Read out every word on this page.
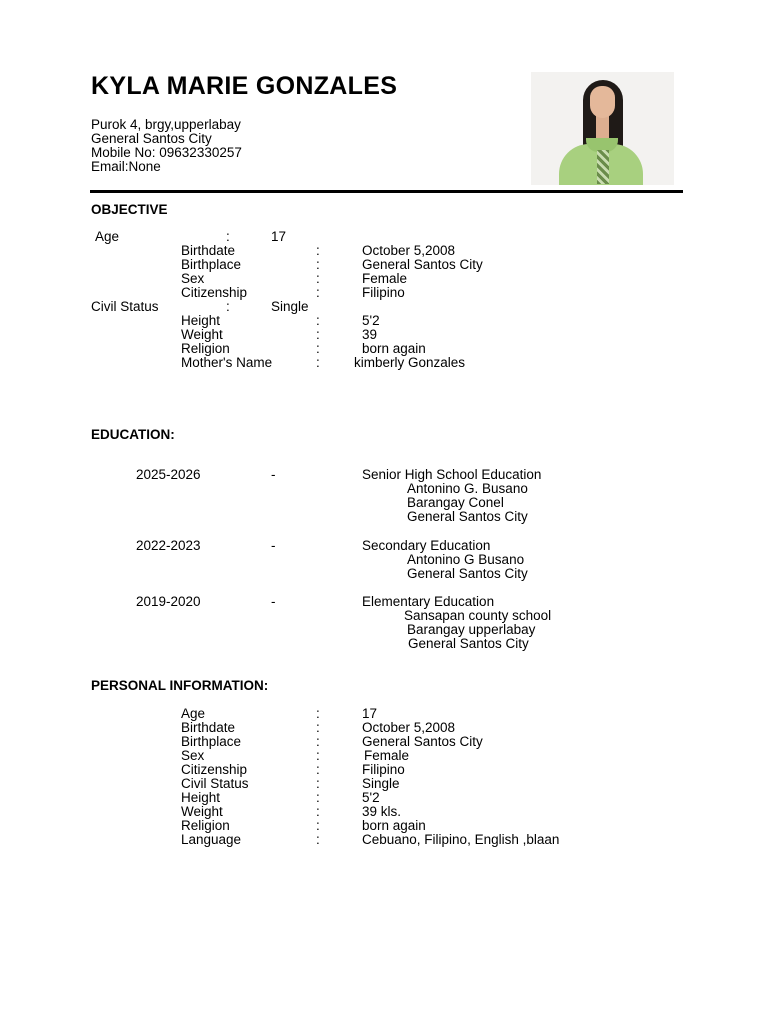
KYLA MARIE GONZALES
Purok 4, brgy,upperlabay
General Santos City
Mobile No: 09632330257
Email:None
OBJECTIVE
Age	:	17
Birthdate	:	October 5,2008
Birthplace	:	General Santos City
Sex	:	Female
Citizenship	:	Filipino
Civil Status	:	Single
Height	:	5'2
Weight	:	39
Religion	:	born again
Mother's Name	:	kimberly Gonzales
EDUCATION:
2025-2026	-	Senior High School Education
Antonino G. Busano
Barangay Conel
General Santos City
2022-2023	-	Secondary Education
Antonino G Busano
General Santos City
2019-2020	-	Elementary Education
Sansapan county school
Barangay upperlabay
General Santos City
PERSONAL INFORMATION:
Age	:	17
Birthdate	:	October 5,2008
Birthplace	:	General Santos City
Sex	:	Female
Citizenship	:	Filipino
Civil Status	:	Single
Height	:	5'2
Weight	:	39 kls.
Religion	:	born again
Language	:	Cebuano, Filipino, English ,blaan
